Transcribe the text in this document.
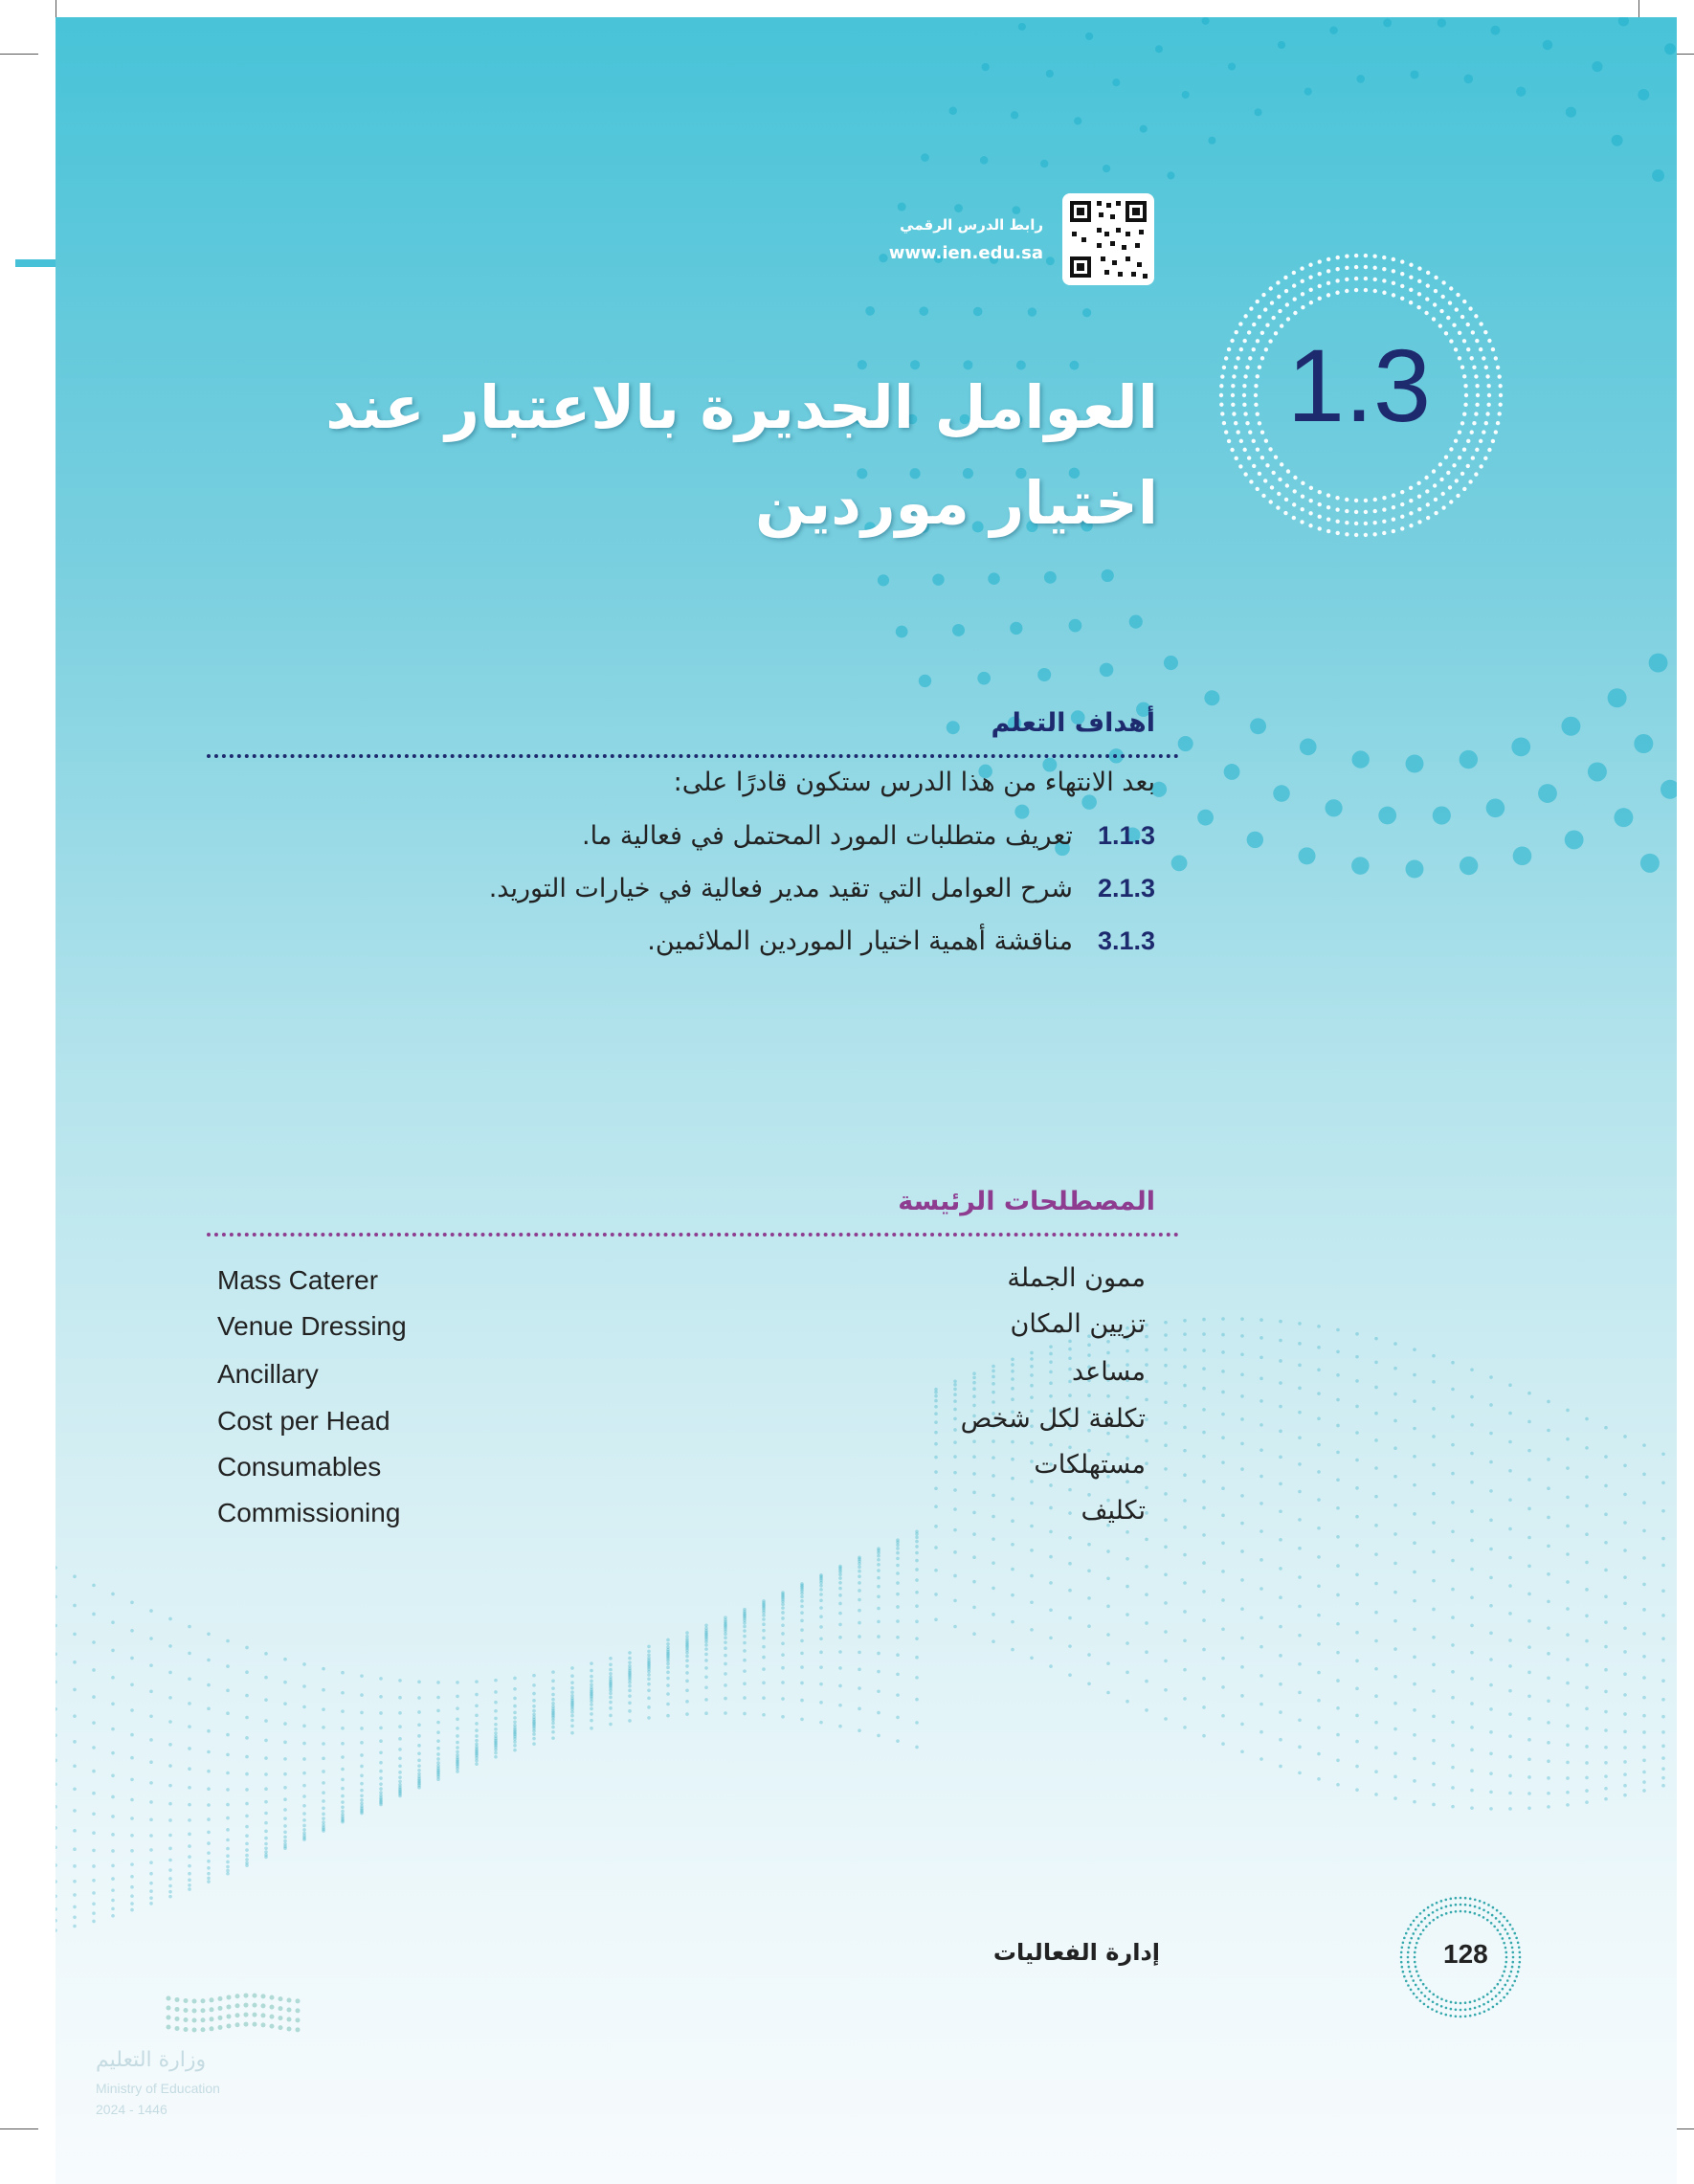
رابط الدرس الرقمي
www.ien.edu.sa
1.3
العوامل الجديرة بالاعتبار عند
اختيار موردين
أهداف التعلم
بعد الانتهاء من هذا الدرس ستكون قادرًا على:
1.1.3تعريف متطلبات المورد المحتمل في فعالية ما.
2.1.3شرح العوامل التي تقيد مدير فعالية في خيارات التوريد.
3.1.3مناقشة أهمية اختيار الموردين الملائمين.
المصطلحات الرئيسة
ممون الجملة
Mass Caterer
تزيين المكان
Venue Dressing
مساعد
Ancillary
تكلفة لكل شخص
Cost per Head
مستهلكات
Consumables
تكليف
Commissioning
إدارة الفعاليات	128
وزارة التعليم
Ministry of Education
2024 - 1446
